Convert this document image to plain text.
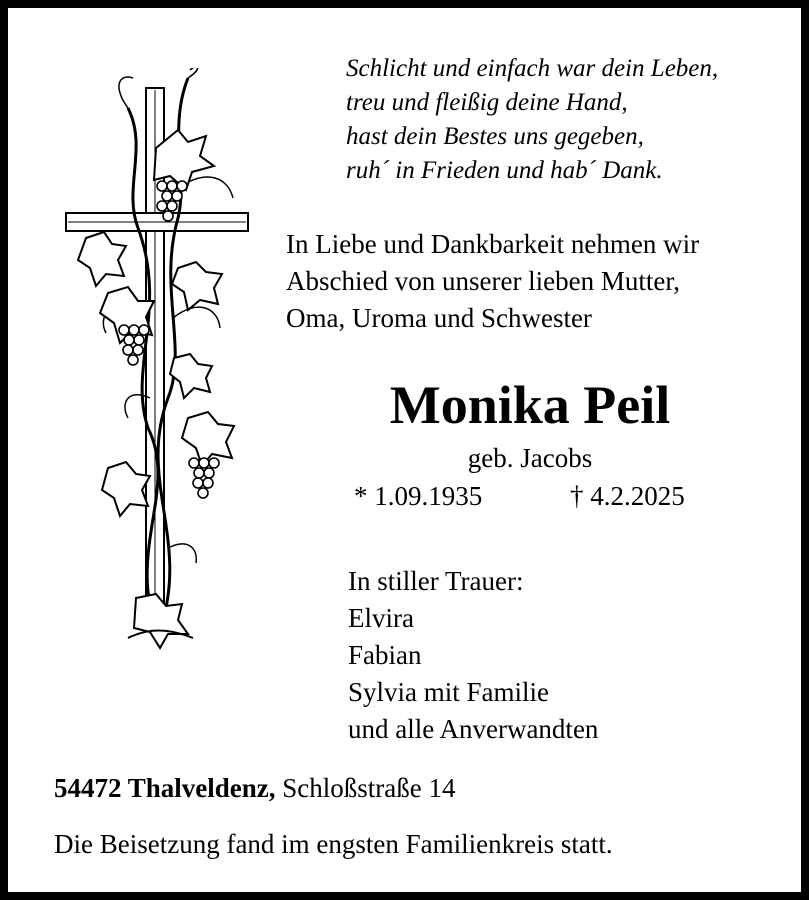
Schlicht und einfach war dein Leben,
treu und fleißig deine Hand,
hast dein Bestes uns gegeben,
ruh´ in Frieden und hab´ Dank.
In Liebe und Dankbarkeit nehmen wir
Abschied von unserer lieben Mutter,
Oma, Uroma und Schwester
Monika Peil
geb. Jacobs
* 1.09.1935	† 4.2.2025
In stiller Trauer:
Elvira
Fabian
Sylvia mit Familie
und alle Anverwandten
54472 Thalveldenz, Schloßstraße 14
Die Beisetzung fand im engsten Familienkreis statt.
